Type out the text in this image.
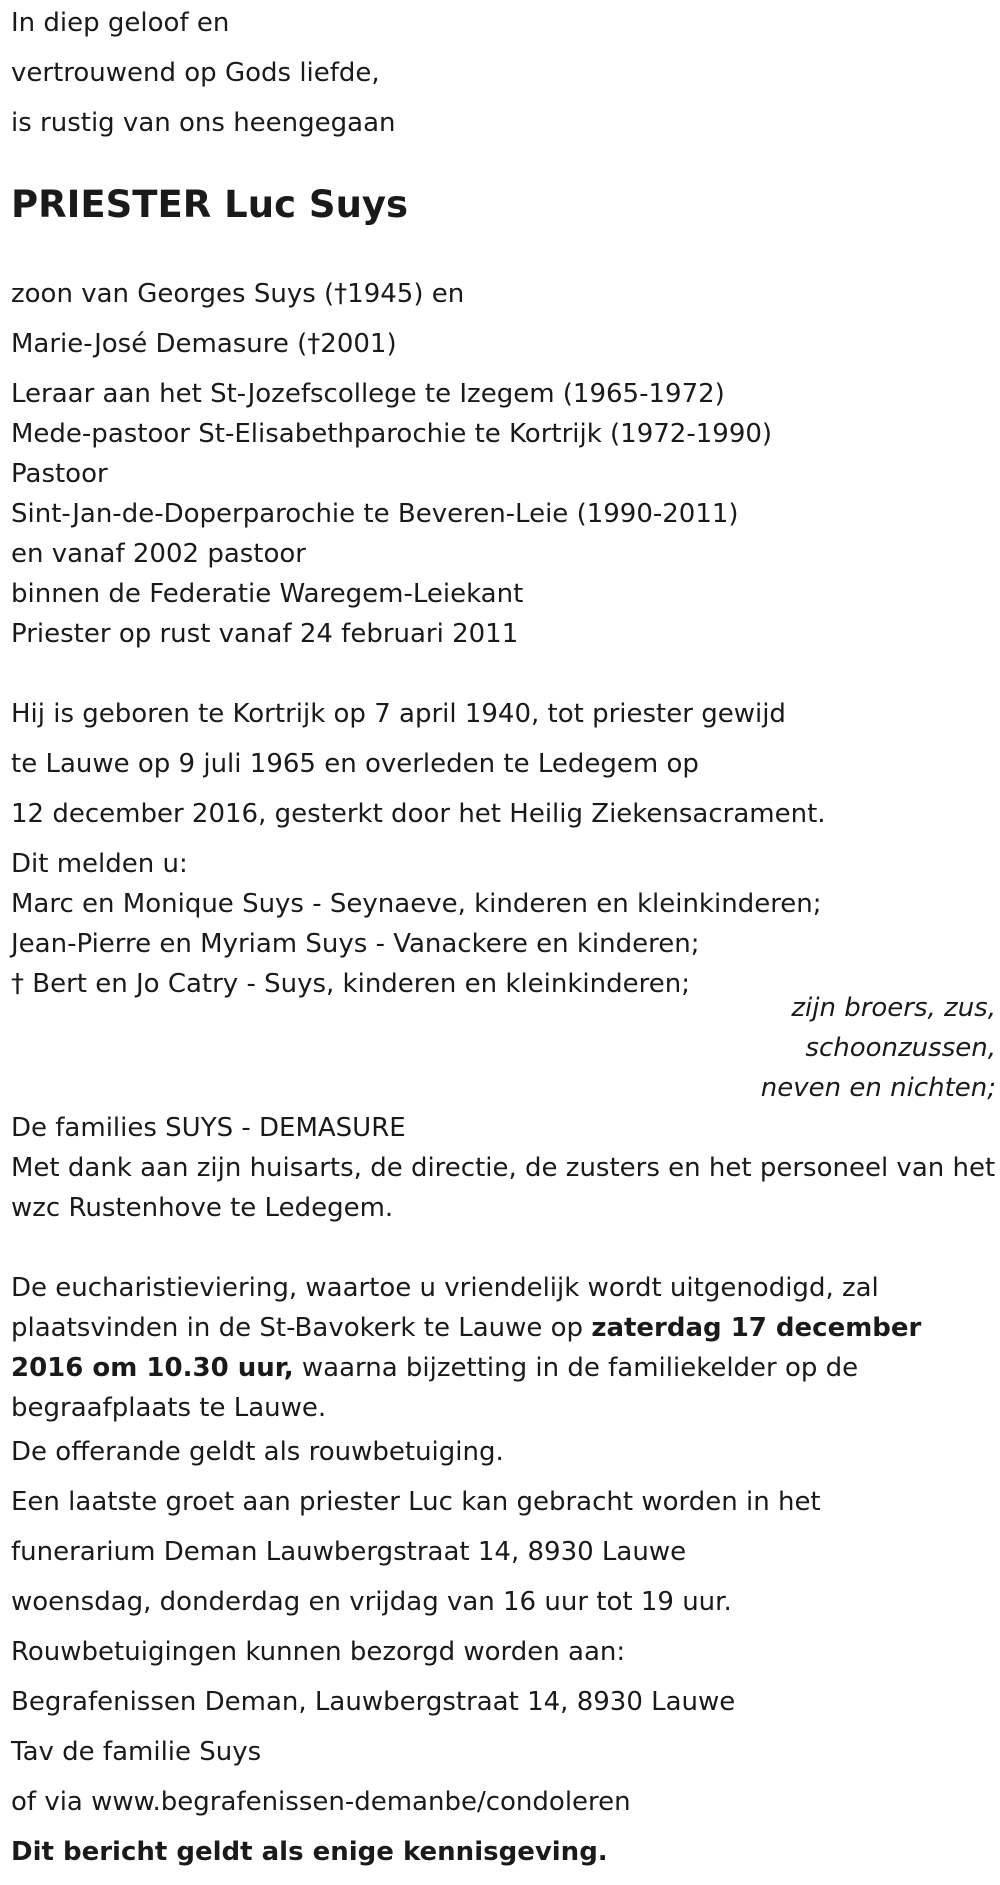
In diep geloof en
vertrouwend op Gods liefde,
is rustig van ons heengegaan
PRIESTER Luc Suys
zoon van Georges Suys (†1945) en
Marie-José Demasure (†2001)
Leraar aan het St-Jozefscollege te Izegem (1965-1972)
Mede-pastoor St-Elisabethparochie te Kortrijk (1972-1990)
Pastoor
Sint-Jan-de-Doperparochie te Beveren-Leie (1990-2011)
en vanaf 2002 pastoor
binnen de Federatie Waregem-Leiekant
Priester op rust vanaf 24 februari 2011
Hij is geboren te Kortrijk op 7 april 1940, tot priester gewijd
te Lauwe op 9 juli 1965 en overleden te Ledegem op
12 december 2016, gesterkt door het Heilig Ziekensacrament.
Dit melden u:
Marc en Monique Suys - Seynaeve, kinderen en kleinkinderen;
Jean-Pierre en Myriam Suys - Vanackere en kinderen;
† Bert en Jo Catry - Suys, kinderen en kleinkinderen;
zijn broers, zus,
schoonzussen,
neven en nichten;
De families SUYS - DEMASURE
Met dank aan zijn huisarts, de directie, de zusters en het personeel van het wzc Rustenhove te Ledegem.
De eucharistieviering, waartoe u vriendelijk wordt uitgenodigd, zal plaatsvinden in de St-Bavokerk te Lauwe op zaterdag 17 december 2016 om 10.30 uur, waarna bijzetting in de familiekelder op de begraafplaats te Lauwe.
De offerande geldt als rouwbetuiging.
Een laatste groet aan priester Luc kan gebracht worden in het
funerarium Deman Lauwbergstraat 14, 8930 Lauwe
woensdag, donderdag en vrijdag van 16 uur tot 19 uur.
Rouwbetuigingen kunnen bezorgd worden aan:
Begrafenissen Deman, Lauwbergstraat 14, 8930 Lauwe
Tav de familie Suys
of via www.begrafenissen-demanbe/condoleren
Dit bericht geldt als enige kennisgeving.
